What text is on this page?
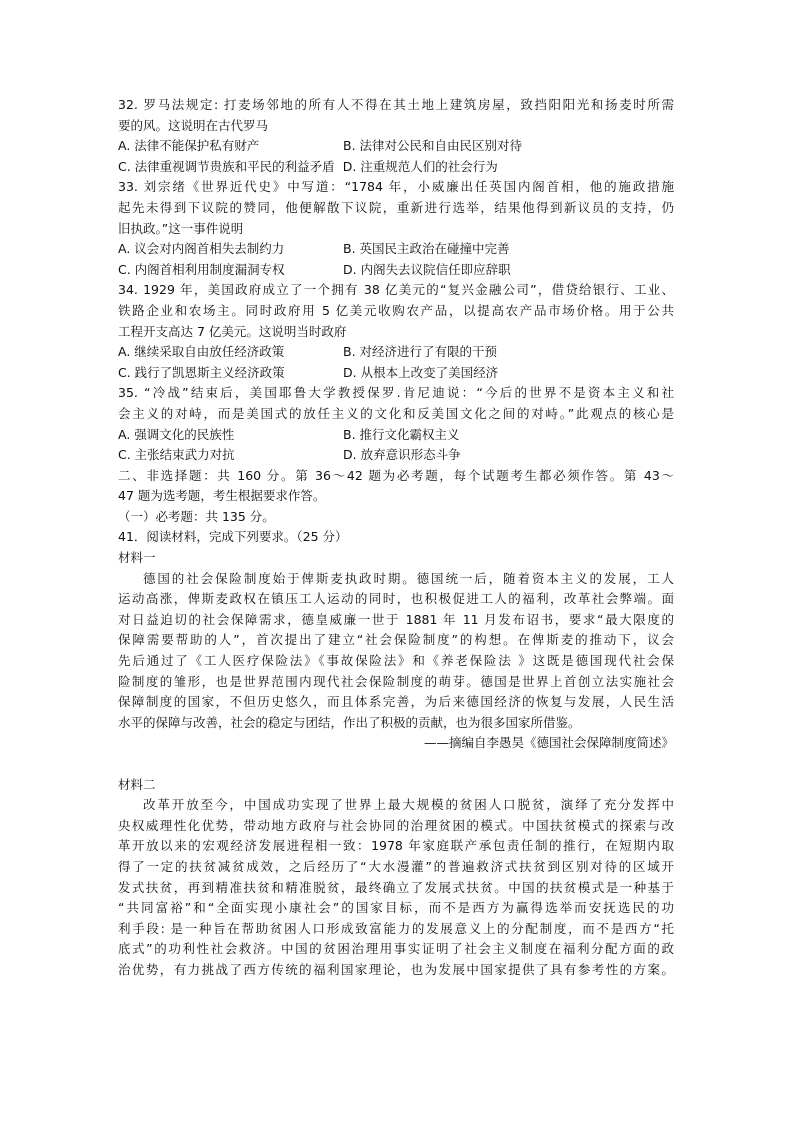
32. 罗马法规定: 打麦场邻地的所有人不得在其土地上建筑房屋，致挡阳阳光和扬麦时所需
要的风。这说明在古代罗马
A. 法律不能保护私有财产	B. 法律对公民和自由民区别对待
C. 法律重视调节贵族和平民的利益矛盾 D. 注重规范人们的社会行为
33. 刘宗绪《世界近代史》中写道：“1784 年，小威廉出任英国内阁首相，他的施政措施
起先未得到下议院的赞同，他便解散下议院，重新进行选举，结果他得到新议员的支持，仍
旧执政。”这一事件说明
A. 议会对内阁首相失去制约力	B. 英国民主政治在碰撞中完善
C. 内阁首相利用制度漏洞专权	D. 内阁失去议院信任即应辞职
34. 1929 年，美国政府成立了一个拥有 38 亿美元的“复兴金融公司”，借贷给银行、工业、
铁路企业和农场主。同时政府用 5 亿美元收购农产品，以提高农产品市场价格。用于公共
工程开支高达 7 亿美元。这说明当时政府
A. 继续采取自由放任经济政策	B. 对经济进行了有限的干预
C. 践行了凯恩斯主义经济政策	D. 从根本上改变了美国经济
35. “冷战”结束后，美国耶鲁大学教授保罗.肯尼迪说：“今后的世界不是资本主义和社
会主义的对峙，而是美国式的放任主义的文化和反美国文化之间的对峙。”此观点的核心是
A. 强调文化的民族性	B. 推行文化霸权主义
C. 主张结束武力对抗	D. 放弃意识形态斗争
二、非选择题：共 160 分。第 36～42 题为必考题，每个试题考生都必须作答。第 43～
47 题为选考题，考生根据要求作答。
（一）必考题：共 135 分。
41．阅读材料，完成下列要求。（25 分）
材料一
德国的社会保险制度始于俾斯麦执政时期。德国统一后，随着资本主义的发展，工人
运动高涨，俾斯麦政权在镇压工人运动的同时，也积极促进工人的福利，改革社会弊端。面
对日益迫切的社会保障需求，德皇威廉一世于 1881 年 11 月发布诏书，要求“最大限度的
保障需要帮助的人”，首次提出了建立“社会保险制度”的构想。在俾斯麦的推动下，议会
先后通过了《工人医疗保险法》《事故保险法》和《养老保险法 》这既是德国现代社会保
险制度的雏形，也是世界范围内现代社会保险制度的萌芽。德国是世界上首创立法实施社会
保障制度的国家，不但历史悠久，而且体系完善，为后来德国经济的恢复与发展，人民生活
水平的保障与改善，社会的稳定与团结，作出了积极的贡献，也为很多国家所借鉴。
——摘编自李愚昊《德国社会保障制度简述》
材料二
改革开放至今，中国成功实现了世界上最大规模的贫困人口脱贫，演绎了充分发挥中
央权威理性化优势，带动地方政府与社会协同的治理贫困的模式。中国扶贫模式的探索与改
革开放以来的宏观经济发展进程相一致：1978 年家庭联产承包责任制的推行，在短期内取
得了一定的扶贫减贫成效，之后经历了“大水漫灌”的普遍救济式扶贫到区别对待的区域开
发式扶贫，再到精准扶贫和精准脱贫，最终确立了发展式扶贫。中国的扶贫模式是一种基于
“共同富裕”和“全面实现小康社会”的国家目标，而不是西方为赢得选举而安抚选民的功
利手段: 是一种旨在帮助贫困人口形成致富能力的发展意义上的分配制度，而不是西方“托
底式”的功利性社会救济。中国的贫困治理用事实证明了社会主义制度在福利分配方面的政
治优势，有力挑战了西方传统的福利国家理论，也为发展中国家提供了具有参考性的方案。
